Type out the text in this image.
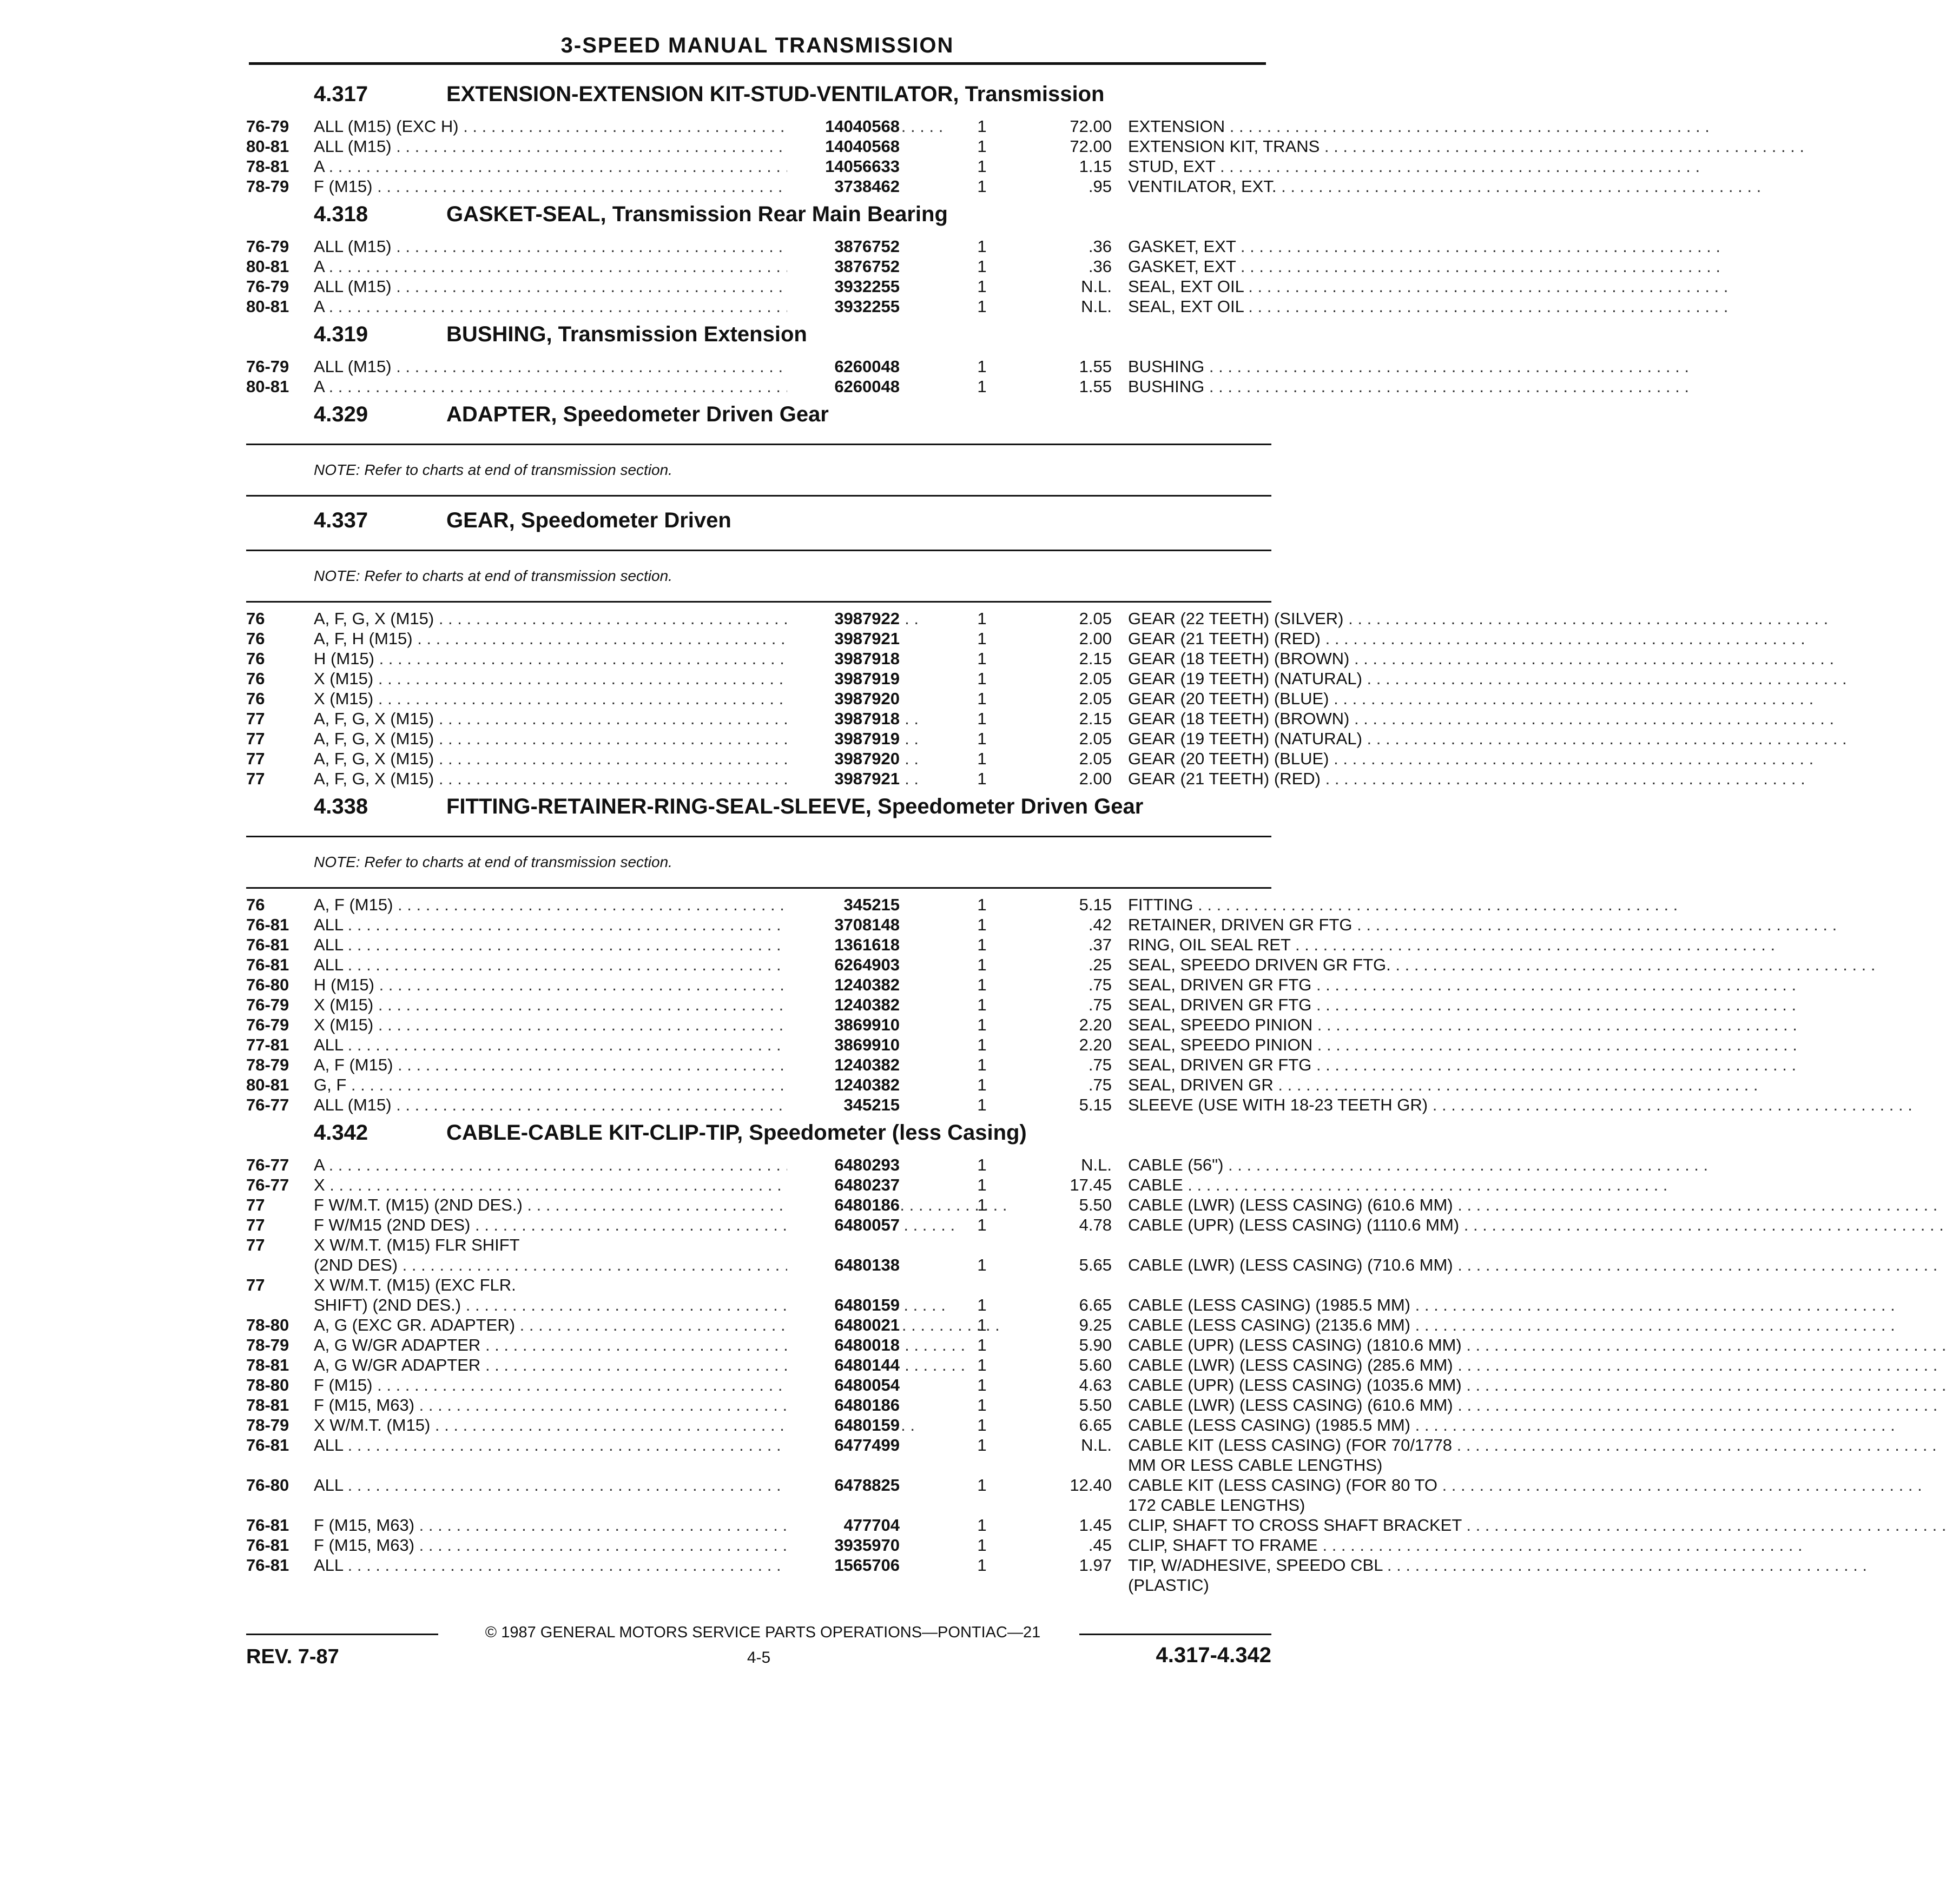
3-SPEED MANUAL TRANSMISSION
4.317	EXTENSION-EXTENSION KIT-STUD-VENTILATOR, Transmission
76-79 ALL (M15) (EXC H) . . .	14040568	1	72.00 EXTENSION . . .
80-81 ALL (M15) . . .	14040568	1	72.00 EXTENSION KIT, TRANS . . .
78-81 A . . .	14056633	1	1.15 STUD, EXT . . .
78-79 F (M15) . . .	3738462	1	.95 VENTILATOR, EXT. . . .
4.318	GASKET-SEAL, Transmission Rear Main Bearing
76-79 ALL (M15) . . .	3876752	1	.36 GASKET, EXT . . .
80-81 A . . .	3876752	1	.36 GASKET, EXT . . .
76-79 ALL (M15) . . .	3932255	1	N.L. SEAL, EXT OIL . . .
80-81 A . . .	3932255	1	N.L. SEAL, EXT OIL . . .
4.319	BUSHING, Transmission Extension
76-79 ALL (M15) . . .	6260048	1	1.55 BUSHING . . .
80-81 A . . .	6260048	1	1.55 BUSHING . . .
4.329	ADAPTER, Speedometer Driven Gear
NOTE: Refer to charts at end of transmission section.
4.337	GEAR, Speedometer Driven
NOTE: Refer to charts at end of transmission section.
76	A, F, G, X (M15) . . .	3987922	1	2.05 GEAR (22 TEETH) (SILVER) . . .
76	A, F, H (M15) . . .	3987921	1	2.00 GEAR (21 TEETH) (RED) . . .
76	H (M15) . . .	3987918	1	2.15 GEAR (18 TEETH) (BROWN) . . .
76	X (M15) . . .	3987919	1	2.05 GEAR (19 TEETH) (NATURAL) . . .
76	X (M15) . . .	3987920	1	2.05 GEAR (20 TEETH) (BLUE) . . .
77	A, F, G, X (M15) . . .	3987918	1	2.15 GEAR (18 TEETH) (BROWN) . . .
77	A, F, G, X (M15) . . .	3987919	1	2.05 GEAR (19 TEETH) (NATURAL) . . .
77	A, F, G, X (M15) . . .	3987920	1	2.05 GEAR (20 TEETH) (BLUE) . . .
77	A, F, G, X (M15) . . .	3987921	1	2.00 GEAR (21 TEETH) (RED) . . .
4.338	FITTING-RETAINER-RING-SEAL-SLEEVE, Speedometer Driven Gear
NOTE: Refer to charts at end of transmission section.
76	A, F (M15) . . .	345215	1	5.15 FITTING . . .
76-81 ALL . . .	3708148	1	.42 RETAINER, DRIVEN GR FTG . . .
76-81 ALL . . .	1361618	1	.37 RING, OIL SEAL RET . . .
76-81 ALL . . .	6264903	1	.25 SEAL, SPEEDO DRIVEN GR FTG. . . .
76-80 H (M15) . . .	1240382	1	.75 SEAL, DRIVEN GR FTG . . .
76-79 X (M15) . . .	1240382	1	.75 SEAL, DRIVEN GR FTG . . .
76-79 X (M15) . . .	3869910	1	2.20 SEAL, SPEEDO PINION . . .
77-81 ALL . . .	3869910	1	2.20 SEAL, SPEEDO PINION . . .
78-79 A, F (M15) . . .	1240382	1	.75 SEAL, DRIVEN GR FTG . . .
80-81 G, F . . .	1240382	1	.75 SEAL, DRIVEN GR . . .
76-77 ALL (M15) . . .	345215	1	5.15 SLEEVE (USE WITH 18-23 TEETH GR) . . .
4.342	CABLE-CABLE KIT-CLIP-TIP, Speedometer (less Casing)
76-77 A . . .	6480293	1	N.L. CABLE (56") . . .
76-77 X . . .	6480237	1	17.45 CABLE . . .
77	F W/M.T. (M15) (2ND DES.) . . .	6480186	1	5.50 CABLE (LWR) (LESS CASING) (610.6 MM) . . .
77	F W/M15 (2ND DES) . . .	6480057	1	4.78 CABLE (UPR) (LESS CASING) (1110.6 MM) . . .
77	X W/M.T. (M15) FLR SHIFT
(2ND DES) . . .	6480138	1	5.65 CABLE (LWR) (LESS CASING) (710.6 MM) . . .
77	X W/M.T. (M15) (EXC FLR.
SHIFT) (2ND DES.) . . .	6480159	1	6.65 CABLE (LESS CASING) (1985.5 MM) . . .
78-80 A, G (EXC GR. ADAPTER) . . .	6480021	1	9.25 CABLE (LESS CASING) (2135.6 MM) . . .
78-79 A, G W/GR ADAPTER . . .	6480018	1	5.90 CABLE (UPR) (LESS CASING) (1810.6 MM) . . .
78-81 A, G W/GR ADAPTER . . .	6480144	1	5.60 CABLE (LWR) (LESS CASING) (285.6 MM) . . .
78-80 F (M15) . . .	6480054	1	4.63 CABLE (UPR) (LESS CASING) (1035.6 MM) . . .
78-81 F (M15, M63) . . .	6480186	1	5.50 CABLE (LWR) (LESS CASING) (610.6 MM) . . .
78-79 X W/M.T. (M15) . . .	6480159	1	6.65 CABLE (LESS CASING) (1985.5 MM) . . .
76-81 ALL . . .	6477499	1	N.L. CABLE KIT (LESS CASING) (FOR 70/1778 . . .
MM OR LESS CABLE LENGTHS)
76-80 ALL . . .	6478825	1	12.40 CABLE KIT (LESS CASING) (FOR 80 TO . . .
172 CABLE LENGTHS)
76-81 F (M15, M63) . . .	477704	1	1.45 CLIP, SHAFT TO CROSS SHAFT BRACKET . . .
76-81 F (M15, M63) . . .	3935970	1	.45 CLIP, SHAFT TO FRAME . . .
76-81 ALL . . .	1565706	1	1.97 TIP, W/ADHESIVE, SPEEDO CBL . . .
(PLASTIC)
© 1987 GENERAL MOTORS SERVICE PARTS OPERATIONS—PONTIAC—21
REV. 7-87	4-5	4.317-4.342
